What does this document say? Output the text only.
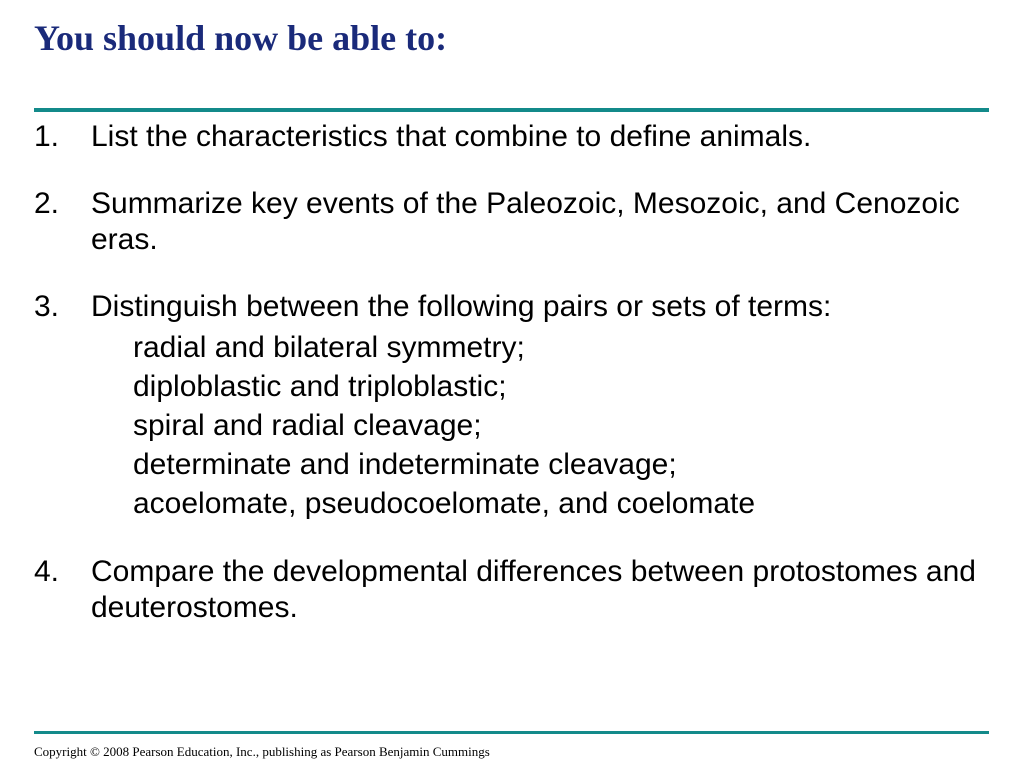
You should now be able to:
1. List the characteristics that combine to define animals.
2. Summarize key events of the Paleozoic, Mesozoic, and Cenozoic eras.
3. Distinguish between the following pairs or sets of terms:
radial and bilateral symmetry;
diploblastic and triploblastic;
spiral and radial cleavage;
determinate and indeterminate cleavage;
acoelomate, pseudocoelomate, and coelomate
4. Compare the developmental differences between protostomes and deuterostomes.
Copyright © 2008 Pearson Education, Inc., publishing as Pearson Benjamin Cummings
